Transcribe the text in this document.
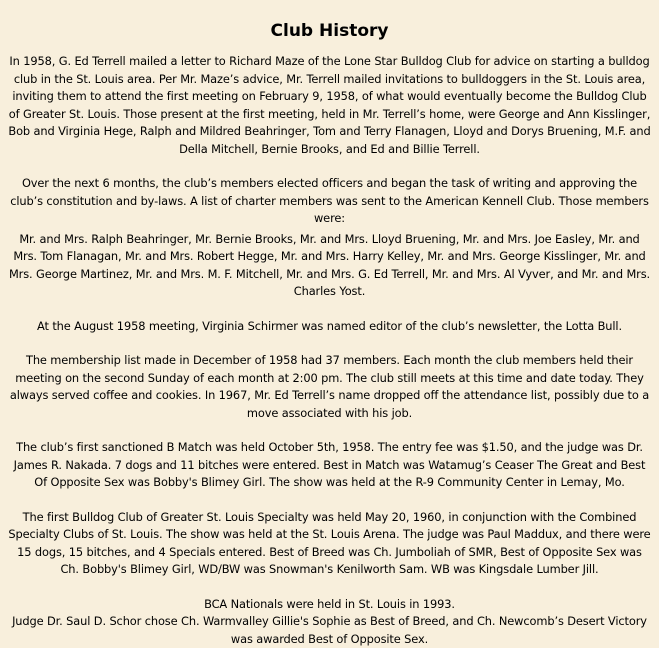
Club History

In 1958, G. Ed Terrell mailed a letter to Richard Maze of the Lone Star Bulldog Club for advice on starting a bulldog club in the St. Louis area. Per Mr. Maze’s advice, Mr. Terrell mailed invitations to bulldoggers in the St. Louis area, inviting them to attend the first meeting on February 9, 1958, of what would eventually become the Bulldog Club of Greater St. Louis. Those present at the first meeting, held in Mr. Terrell’s home, were George and Ann Kisslinger, Bob and Virginia Hege, Ralph and Mildred Beahringer, Tom and Terry Flanagen, Lloyd and Dorys Bruening, M.F. and Della Mitchell, Bernie Brooks, and Ed and Billie Terrell.

Over the next 6 months, the club’s members elected officers and began the task of writing and approving the club’s constitution and by-laws. A list of charter members was sent to the American Kennell Club. Those members were:

Mr. and Mrs. Ralph Beahringer, Mr. Bernie Brooks, Mr. and Mrs. Lloyd Bruening, Mr. and Mrs. Joe Easley, Mr. and Mrs. Tom Flanagan, Mr. and Mrs. Robert Hegge, Mr. and Mrs. Harry Kelley, Mr. and Mrs. George Kisslinger, Mr. and Mrs. George Martinez, Mr. and Mrs. M. F. Mitchell, Mr. and Mrs. G. Ed Terrell, Mr. and Mrs. Al Vyver, and Mr. and Mrs. Charles Yost.

At the August 1958 meeting, Virginia Schirmer was named editor of the club’s newsletter, the Lotta Bull.

The membership list made in December of 1958 had 37 members. Each month the club members held their meeting on the second Sunday of each month at 2:00 pm. The club still meets at this time and date today. They always served coffee and cookies. In 1967, Mr. Ed Terrell’s name dropped off the attendance list, possibly due to a move associated with his job.

The club’s first sanctioned B Match was held October 5th, 1958. The entry fee was $1.50, and the judge was Dr. James R. Nakada. 7 dogs and 11 bitches were entered. Best in Match was Watamug’s Ceaser The Great and Best Of Opposite Sex was Bobby's Blimey Girl. The show was held at the R-9 Community Center in Lemay, Mo.

The first Bulldog Club of Greater St. Louis Specialty was held May 20, 1960, in conjunction with the Combined Specialty Clubs of St. Louis. The show was held at the St. Louis Arena. The judge was Paul Maddux, and there were 15 dogs, 15 bitches, and 4 Specials entered. Best of Breed was Ch. Jumboliah of SMR, Best of Opposite Sex was Ch. Bobby's Blimey Girl, WD/BW was Snowman's Kenilworth Sam. WB was Kingsdale Lumber Jill.

BCA Nationals were held in St. Louis in 1993.

Judge Dr. Saul D. Schor chose Ch. Warmvalley Gillie's Sophie as Best of Breed, and Ch. Newcomb’s Desert Victory was awarded Best of Opposite Sex.
